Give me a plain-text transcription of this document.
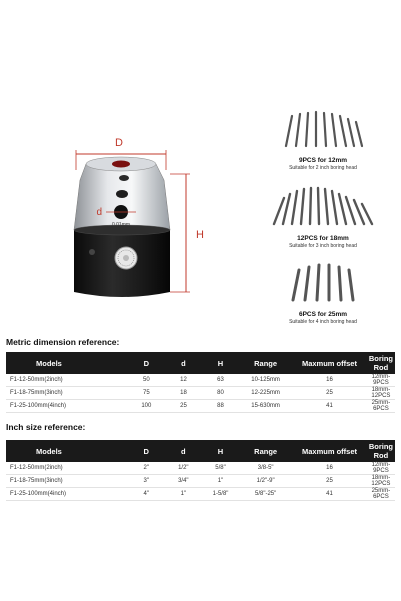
D
d
H
9PCS for 12mm
Suitable for 2 inch boring head
12PCS for 18mm
Suitable for 3 inch boring head
6PCS for 25mm
Suitable for 4 inch boring head
Metric dimension reference:
Models	D	d	H	Range	Maxmum offset	Boring Rod
F1-12-50mm(2inch)	50	12	63	10-125mm	16	12mm-9PCS
F1-18-75mm(3inch)	75	18	80	12-225mm	25	18mm-12PCS
F1-25-100mm(4inch)	100	25	88	15-630mm	41	25mm-6PCS
Inch size reference:
Models	D	d	H	Range	Maxmum offset	Boring Rod
F1-12-50mm(2inch)	2"	1/2"	5/8"	3/8-5"	16	12mm-9PCS
F1-18-75mm(3inch)	3"	3/4"	1"	1/2"-9"	25	18mm-12PCS
F1-25-100mm(4inch)	4"	1"	1-5/8"	5/8"-25"	41	25mm-6PCS
